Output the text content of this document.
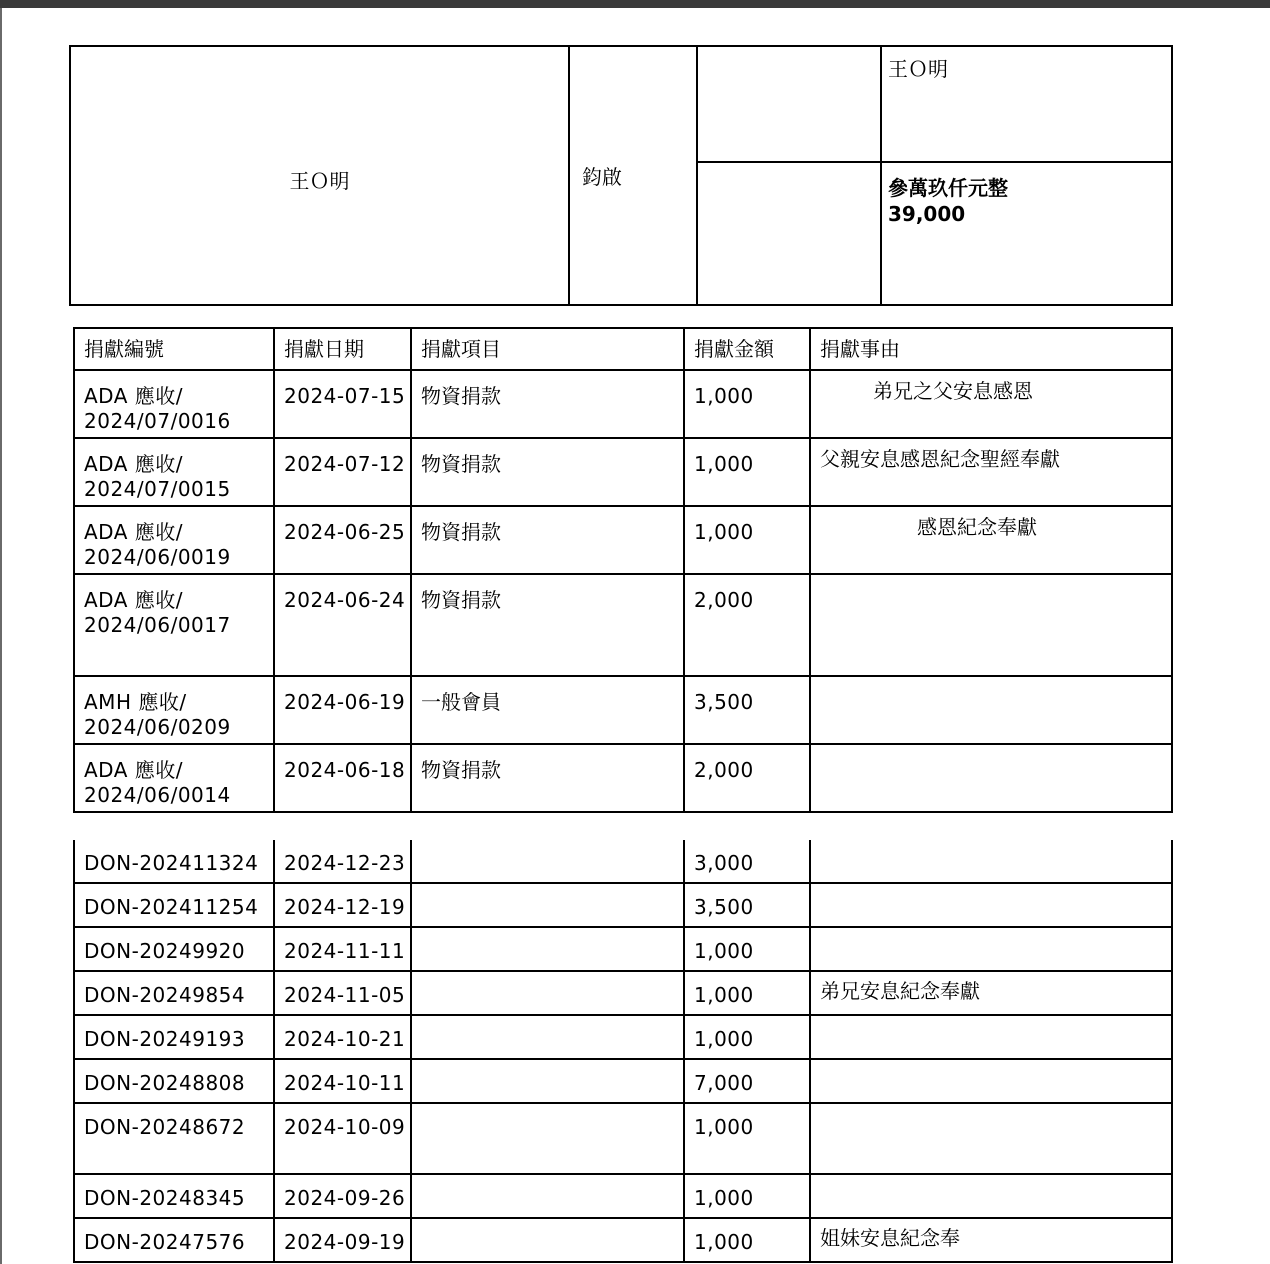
王Ｏ明	鈞啟		王Ｏ明

			參萬玖仟元整
39,000
捐獻編號	捐獻日期	捐獻項目	捐獻金額	捐獻事由
ADA 應收/
2024/07/0016	2024-07-15	物資捐款	1,000	弟兄之父安息感恩
ADA 應收/
2024/07/0015	2024-07-12	物資捐款	1,000	父親安息感恩紀念聖經奉獻
ADA 應收/
2024/06/0019	2024-06-25	物資捐款	1,000	感恩紀念奉獻
ADA 應收/
2024/06/0017	2024-06-24	物資捐款	2,000	
AMH 應收/
2024/06/0209	2024-06-19	一般會員	3,500	
ADA 應收/
2024/06/0014	2024-06-18	物資捐款	2,000	
DON-202411324	2024-12-23		3,000	
DON-202411254	2024-12-19		3,500	
DON-20249920	2024-11-11		1,000	
DON-20249854	2024-11-05		1,000	弟兄安息紀念奉獻
DON-20249193	2024-10-21		1,000	
DON-20248808	2024-10-11		7,000	
DON-20248672	2024-10-09		1,000	
DON-20248345	2024-09-26		1,000	
DON-20247576	2024-09-19		1,000	姐妹安息紀念奉
